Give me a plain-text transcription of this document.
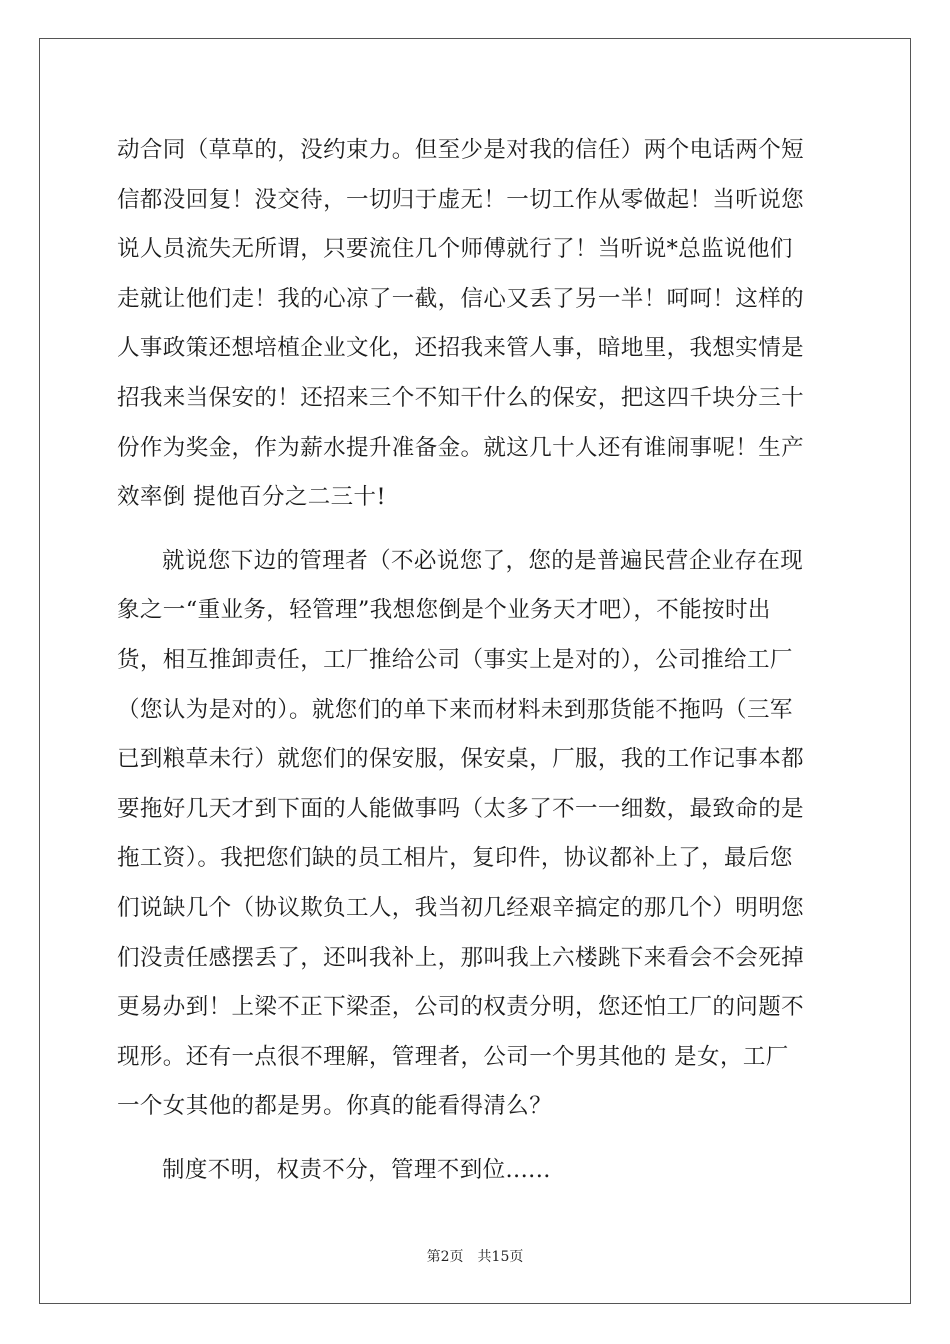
动合同（草草的，没约束力。但至少是对我的信任）两个电话两个短
信都没回复！没交待，一切归于虚无！一切工作从零做起！当听说您
说人员流失无所谓，只要流住几个师傅就行了！当听说*总监说他们
走就让他们走！我的心凉了一截，信心又丢了另一半！呵呵！这样的
人事政策还想培植企业文化，还招我来管人事，暗地里，我想实情是
招我来当保安的！还招来三个不知干什么的保安，把这四千块分三十
份作为奖金，作为薪水提升准备金。就这几十人还有谁闹事呢！生产
效率倒 提他百分之二三十!
就说您下边的管理者（不必说您了，您的是普遍民营企业存在现
象之一“重业务，轻管理”我想您倒是个业务天才吧），不能按时出
货，相互推卸责任，工厂推给公司（事实上是对的），公司推给工厂
（您认为是对的）。就您们的单下来而材料未到那货能不拖吗（三军
已到粮草未行）就您们的保安服，保安桌，厂服，我的工作记事本都
要拖好几天才到下面的人能做事吗（太多了不一一细数，最致命的是
拖工资）。我把您们缺的员工相片，复印件，协议都补上了，最后您
们说缺几个（协议欺负工人，我当初几经艰辛搞定的那几个）明明您
们没责任感摆丢了，还叫我补上，那叫我上六楼跳下来看会不会死掉
更易办到！上梁不正下梁歪，公司的权责分明，您还怕工厂的问题不
现形。还有一点很不理解，管理者，公司一个男其他的 是女，工厂
一个女其他的都是男。你真的能看得清么？
制度不明，权责不分，管理不到位......
第2页　共15页
